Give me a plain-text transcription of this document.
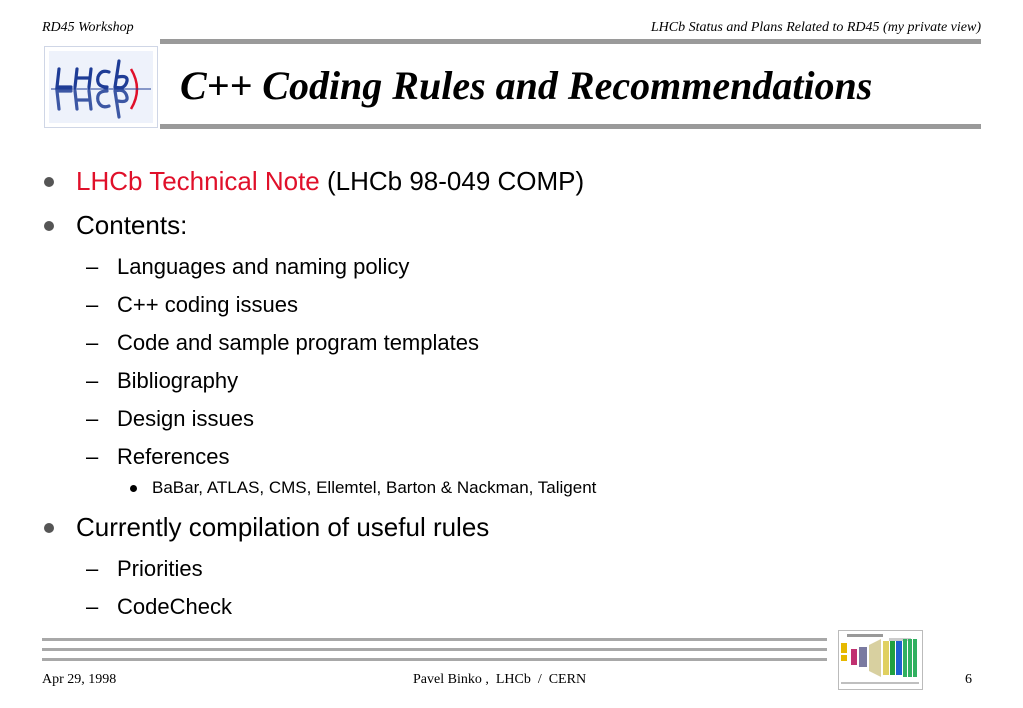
RD45 Workshop	LHCb Status and Plans Related to RD45 (my private view)
C++ Coding Rules and Recommendations
LHCb Technical Note (LHCb 98-049 COMP)
Contents:
– Languages and naming policy
– C++ coding issues
– Code and sample program templates
– Bibliography
– Design issues
– References
BaBar, ATLAS, CMS, Ellemtel, Barton & Nackman, Taligent
Currently compilation of useful rules
– Priorities
– CodeCheck
Apr 29, 1998	Pavel Binko ,  LHCb  /  CERN	6
